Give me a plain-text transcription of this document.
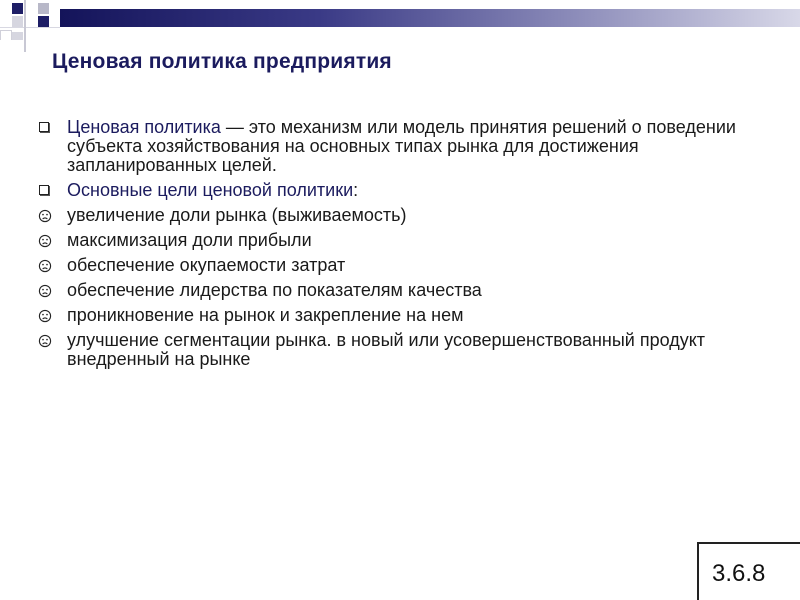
Ценовая политика предприятия
Ценовая политика — это механизм или модель принятия решений о поведении субъекта хозяйствования на основных типах рынка для достижения запланированных целей.
Основные цели ценовой политики:
увеличение доли рынка (выживаемость)
максимизация доли прибыли
обеспечение окупаемости затрат
обеспечение лидерства по показателям качества
проникновение на рынок и закрепление на нем
улучшение сегментации рынка. в новый или усовершенствованный продукт внедренный на рынке
3.6.8
